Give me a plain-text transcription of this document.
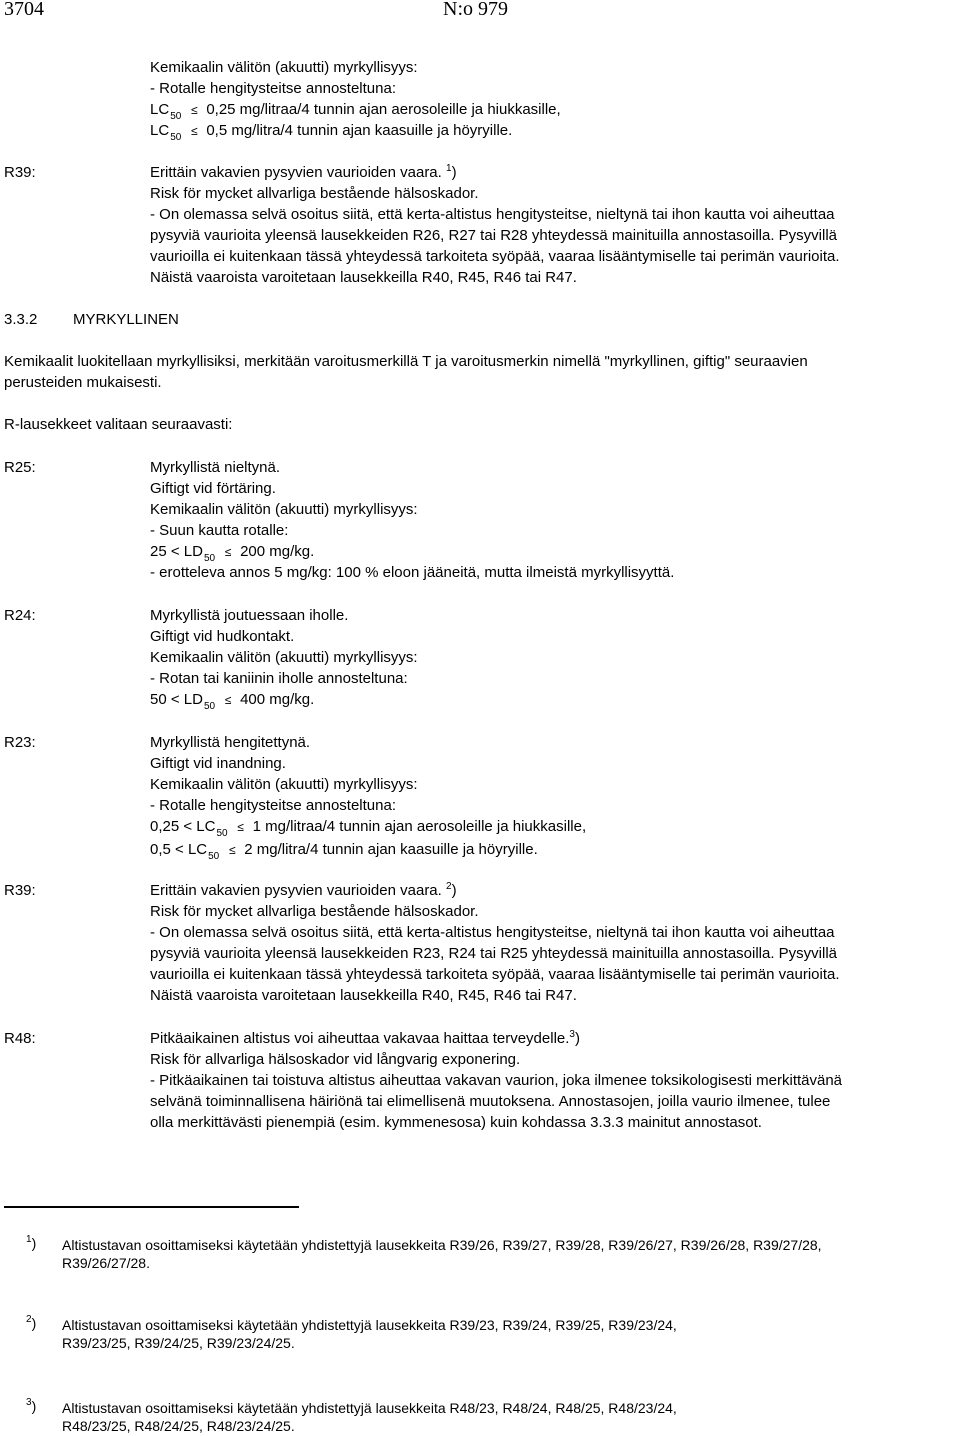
3704	N:o 979
Kemikaalin välitön (akuutti) myrkyllisyys:
- Rotalle hengitysteitse annosteltuna:
$LC_{50} \le 0,25$ mg/litraa/4 tunnin ajan aerosoleille ja hiukkasille,
$LC_{50} \le 0,5$ mg/litra/4 tunnin ajan kaasuille ja höyryille.
R39:	Erittäin vakavien pysyvien vaurioiden vaara. $^1$)
Risk för mycket allvarliga bestående hälsoskador.
- On olemassa selvä osoitus siitä, että kerta-altistus hengitysteitse, nieltynä tai ihon kautta voi aiheuttaa
pysyviä vaurioita yleensä lausekkeiden R26, R27 tai R28 yhteydessä mainituilla annostasoilla. Pysyvillä
vaurioilla ei kuitenkaan tässä yhteydessä tarkoiteta syöpää, vaaraa lisääntymiselle tai perimän vaurioita.
Näistä vaaroista varoitetaan lausekkeilla R40, R45, R46 tai R47.
3.3.2 MYRKYLLINEN
Kemikaalit luokitellaan myrkyllisiksi, merkitään varoitusmerkillä T ja varoitusmerkin nimellä "myrkyllinen, giftig" seuraavien
perusteiden mukaisesti.
R-lausekkeet valitaan seuraavasti:
R25:	Myrkyllistä nieltynä.
Giftigt vid förtäring.
Kemikaalin välitön (akuutti) myrkyllisyys:
- Suun kautta rotalle:
$25 < LD_{50} \le 200$ mg/kg.
- erotteleva annos 5 mg/kg: 100 % eloon jääneitä, mutta ilmeistä myrkyllisyyttä.
R24:	Myrkyllistä joutuessaan iholle.
Giftigt vid hudkontakt.
Kemikaalin välitön (akuutti) myrkyllisyys:
- Rotan tai kaniinin iholle annosteltuna:
$50 < LD_{50} \le 400$ mg/kg.
R23:	Myrkyllistä hengitettynä.
Giftigt vid inandning.
Kemikaalin välitön (akuutti) myrkyllisyys:
- Rotalle hengitysteitse annosteltuna:
$0,25 < LC_{50} \le 1$ mg/litraa/4 tunnin ajan aerosoleille ja hiukkasille,
$0,5 < LC_{50} \le 2$ mg/litra/4 tunnin ajan kaasuille ja höyryille.
R39:	Erittäin vakavien pysyvien vaurioiden vaara. $^2$)
Risk för mycket allvarliga bestående hälsoskador.
- On olemassa selvä osoitus siitä, että kerta-altistus hengitysteitse, nieltynä tai ihon kautta voi aiheuttaa
pysyviä vaurioita yleensä lausekkeiden R23, R24 tai R25 yhteydessä mainituilla annostasoilla. Pysyvillä
vaurioilla ei kuitenkaan tässä yhteydessä tarkoiteta syöpää, vaaraa lisääntymiselle tai perimän vaurioita.
Näistä vaaroista varoitetaan lausekkeilla R40, R45, R46 tai R47.
R48:	Pitkäaikainen altistus voi aiheuttaa vakavaa haittaa terveydelle.$^3$)
Risk för allvarliga hälsoskador vid långvarig exponering.
- Pitkäaikainen tai toistuva altistus aiheuttaa vakavan vaurion, joka ilmenee toksikologisesti merkittävänä
selvänä toiminnallisena häiriönä tai elimellisenä muutoksena. Annostasojen, joilla vaurio ilmenee, tulee
olla merkittävästi pienempiä (esim. kymmenesosa) kuin kohdassa 3.3.3 mainitut annostasot.
$^1$) Altistustavan osoittamiseksi käytetään yhdistettyjä lausekkeita R39/26, R39/27, R39/28, R39/26/27, R39/26/28, R39/27/28,
R39/26/27/28.
$^2$) Altistustavan osoittamiseksi käytetään yhdistettyjä lausekkeita R39/23, R39/24, R39/25, R39/23/24,
R39/23/25, R39/24/25, R39/23/24/25.
$^3$) Altistustavan osoittamiseksi käytetään yhdistettyjä lausekkeita R48/23, R48/24, R48/25, R48/23/24,
R48/23/25, R48/24/25, R48/23/24/25.
